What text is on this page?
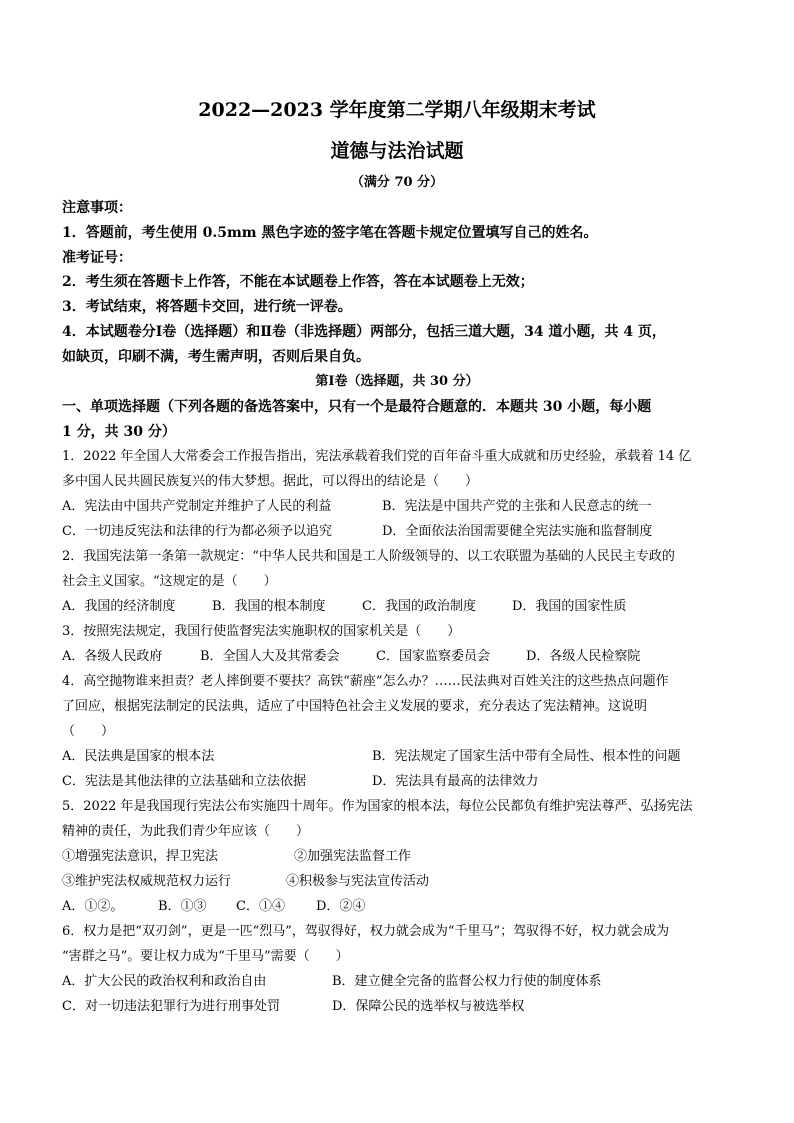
2022—2023 学年度第二学期八年级期末考试
道德与法治试题
（满分 70 分）
注意事项：
1．答题前，考生使用 0.5mm 黑色字迹的签字笔在答题卡规定位置填写自己的姓名。
准考证号：
2．考生须在答题卡上作答，不能在本试题卷上作答，答在本试题卷上无效；
3．考试结束，将答题卡交回，进行统一评卷。
4．本试题卷分Ⅰ卷（选择题）和Ⅱ卷（非选择题）两部分，包括三道大题，34 道小题，共 4 页，
如缺页，印刷不满，考生需声明，否则后果自负。
第Ⅰ卷（选择题，共 30 分）
一、单项选择题（下列各题的备选答案中，只有一个是最符合题意的．本题共 30 小题，每小题
1 分，共 30 分）
1．2022 年全国人大常委会工作报告指出，宪法承载着我们党的百年奋斗重大成就和历史经验，承载着 14 亿
多中国人民共圆民族复兴的伟大梦想。据此，可以得出的结论是（　　）
A．宪法由中国共产党制定并维护了人民的利益	B．宪法是中国共产党的主张和人民意志的统一
C．一切违反宪法和法律的行为都必须予以追究	D．全面依法治国需要健全宪法实施和监督制度
2．我国宪法第一条第一款规定：“中华人民共和国是工人阶级领导的、以工农联盟为基础的人民民主专政的
社会主义国家。“这规定的是（　　）
A．我国的经济制度	B．我国的根本制度	C．我国的政治制度	D．我国的国家性质
3．按照宪法规定，我国行使监督宪法实施职权的国家机关是（　　）
A．各级人民政府	B．全国人大及其常委会	C．国家监察委员会	D．各级人民检察院
4．高空抛物谁来担责？老人摔倒要不要扶？高铁“薪座”怎么办？……民法典对百姓关注的这些热点问题作
了回应，根据宪法制定的民法典，适应了中国特色社会主义发展的要求，充分表达了宪法精神。这说明
（　　）
A．民法典是国家的根本法	B．宪法规定了国家生活中带有全局性、根本性的问题
C．宪法是其他法律的立法基础和立法依据	D．宪法具有最高的法律效力
5．2022 年是我国现行宪法公布实施四十周年。作为国家的根本法，每位公民都负有维护宪法尊严、弘扬宪法
精神的责任，为此我们青少年应该（　　）
①增强宪法意识，捍卫宪法	②加强宪法监督工作
③维护宪法权威规范权力运行	④积极参与宪法宣传活动
A．①②。	B．①③ C．①④ D．②④
6．权力是把“双刃剑”，更是一匹“烈马”，驾驭得好，权力就会成为“千里马”；驾驭得不好，权力就会成为
“害群之马”。要让权力成为“千里马”需要（　　）
A．扩大公民的政治权利和政治自由	B．建立健全完备的监督公权力行使的制度体系
C．对一切违法犯罪行为进行刑事处罚	D．保障公民的选举权与被选举权
